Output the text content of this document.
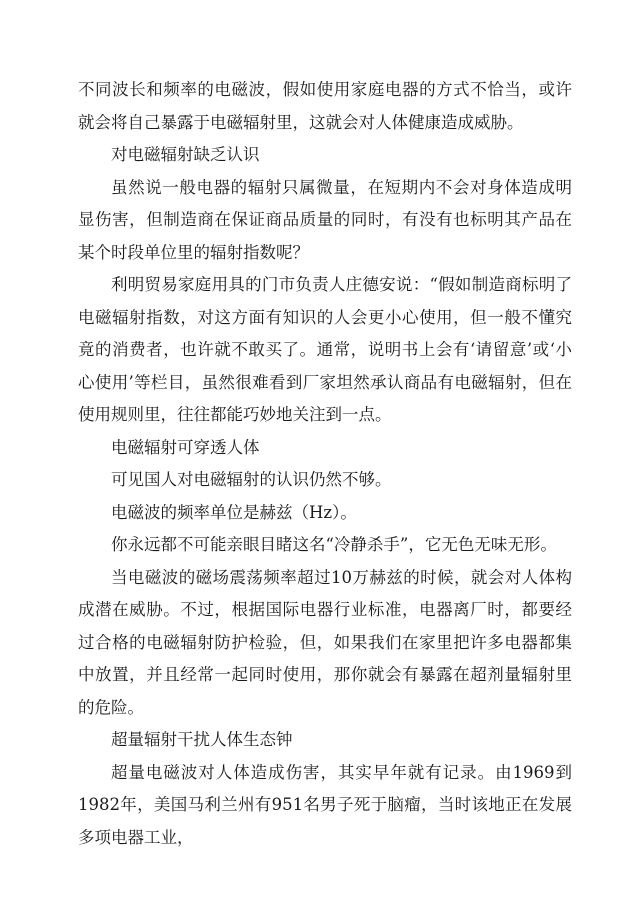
不同波长和频率的电磁波，假如使用家庭电器的方式不恰当，或许就会将自己暴露于电磁辐射里，这就会对人体健康造成威胁。

对电磁辐射缺乏认识

虽然说一般电器的辐射只属微量，在短期内不会对身体造成明显伤害，但制造商在保证商品质量的同时，有没有也标明其产品在某个时段单位里的辐射指数呢？

利明贸易家庭用具的门市负责人庄德安说：“假如制造商标明了电磁辐射指数，对这方面有知识的人会更小心使用，但一般不懂究竟的消费者，也许就不敢买了。通常，说明书上会有‘请留意’或‘小心使用’等栏目，虽然很难看到厂家坦然承认商品有电磁辐射，但在使用规则里，往往都能巧妙地关注到一点。

电磁辐射可穿透人体

可见国人对电磁辐射的认识仍然不够。

电磁波的频率单位是赫兹（Hz）。

你永远都不可能亲眼目睹这名“冷静杀手”，它无色无味无形。

当电磁波的磁场震荡频率超过10万赫兹的时候，就会对人体构成潜在威胁。不过，根据国际电器行业标准，电器离厂时，都要经过合格的电磁辐射防护检验，但，如果我们在家里把许多电器都集中放置，并且经常一起同时使用，那你就会有暴露在超剂量辐射里的危险。

超量辐射干扰人体生态钟

超量电磁波对人体造成伤害，其实早年就有记录。由1969到1982年，美国马利兰州有951名男子死于脑瘤，当时该地正在发展多项电器工业，
